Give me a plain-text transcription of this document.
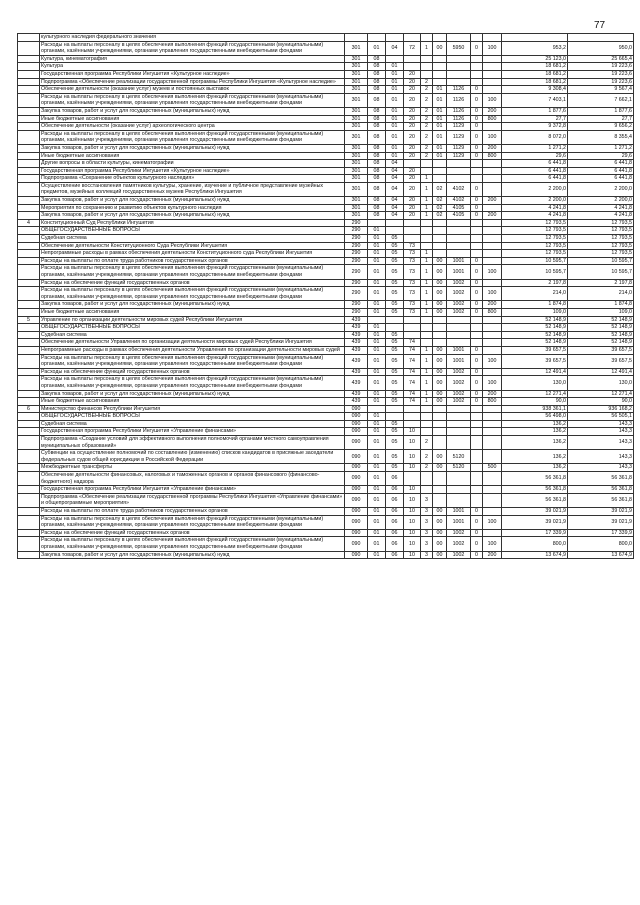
77
	культурного наследия федерального значения											
	Расходы на выплаты персоналу в целях обеспечения выполнения функций государственными (муниципальными) органами, казёнными учреждениями, органами управления государственными внебюджетными фондами	301	01	04	72	1	00	5950	0	100	953,2	950,0
	Культура, кинематография	301	08								25 123,0	25 665,4
	Культура	301	08	01							18 681,2	19 223,6
	Государственная программа Республики Ингушетия «Культурное наследие»	301	08	01	20						18 681,2	19 223,6
	Подпрограмма «Обеспечение реализации государственной программы Республики Ингушетия «Культурное наследие»	301	08	01	20	2					18 681,2	19 223,6
	Обеспечение деятельности (оказание услуг) музеев и постоянных выставок	301	08	01	20	2	01	1126	0		9 308,4	9 567,4
	Расходы на выплаты персоналу в целях обеспечения выполнения функций государственными (муниципальными) органами, казёнными учреждениями, органами управления государственными внебюджетными фондами	301	08	01	20	2	01	1126	0	100	7 403,1	7 662,1
	Закупка товаров, работ и услуг для государственных (муниципальных) нужд	301	08	01	20	2	01	1126	0	200	1 877,6	1 877,6
	Иные бюджетные ассигнования	301	08	01	20	2	01	1126	0	800	27,7	27,7
	Обеспечение деятельности (оказание услуг) археологического центра	301	08	01	20	2	01	1129	0		9 372,8	9 656,2
	Расходы на выплаты персоналу в целях обеспечения выполнения функций государственными (муниципальными) органами, казёнными учреждениями, органами управления государственными внебюджетными фондами	301	08	01	20	2	01	1129	0	100	8 072,0	8 355,4
	Закупка товаров, работ и услуг для государственных (муниципальных) нужд	301	08	01	20	2	01	1129	0	200	1 271,2	1 271,2
	Иные бюджетные ассигнования	301	08	01	20	2	01	1129	0	800	29,6	29,6
	Другие вопросы в области культуры, кинематографии	301	08	04							6 441,8	6 441,8
	Государственная программа Республики Ингушетия «Культурное наследие»	301	08	04	20						6 441,8	6 441,8
	Подпрограмма «Сохранение объектов культурного наследия»	301	08	04	20	1					6 441,8	6 441,8
	Осуществление восстановления памятников культуры, хранение, изучение и публичное представление музейных предметов, музейных коллекций государственных музеев Республики Ингушетия	301	08	04	20	1	02	4102	0		2 200,0	2 200,0
	Закупка товаров, работ и услуг для государственных (муниципальных) нужд	301	08	04	20	1	02	4102	0	200	2 200,0	2 200,0
	Мероприятия по сохранению и развитию объектов культурного наследия	301	08	04	20	1	02	4105	0		4 241,8	4 241,8
	Закупка товаров, работ и услуг для государственных (муниципальных) нужд	301	08	04	20	1	02	4105	0	200	4 241,8	4 241,8
4	Конституционный Суд Республики Ингушетия	290									12 793,5	12 793,5
	ОБЩЕГОСУДАРСТВЕННЫЕ ВОПРОСЫ	290	01								12 793,5	12 793,5
	Судебная система	290	01	05							12 793,5	12 793,5
	Обеспечение деятельности Конституционного Суда Республики Ингушетия	290	01	05	73						12 793,5	12 793,5
	Непрограммные расходы в рамках обеспечения деятельности Конституционного суда Республики Ингушетия	290	01	05	73	1					12 793,5	12 793,5
	Расходы на выплаты по оплате труда работников государственных органов	290	01	05	73	1	00	1001	0		10 595,7	10 595,7
	Расходы на выплаты персоналу в целях обеспечения выполнения функций государственными (муниципальными) органами, казёнными учреждениями, органами управления государственными внебюджетными фондами	290	01	05	73	1	00	1001	0	100	10 595,7	10 595,7
	Расходы на обеспечение функций государственных органов	290	01	05	73	1	00	1002	0		2 197,8	2 197,8
	Расходы на выплаты персоналу в целях обеспечения выполнения функций государственными (муниципальными) органами, казёнными учреждениями, органами управления государственными внебюджетными фондами	290	01	05	73	1	00	1002	0	100	214,0	214,0
	Закупка товаров, работ и услуг для государственных (муниципальных) нужд	290	01	05	73	1	00	1002	0	200	1 874,8	1 874,8
	Иные бюджетные ассигнования	290	01	05	73	1	00	1002	0	800	109,0	109,0
5	Управление по организации деятельности мировых судей Республики Ингушетия	439									52 148,9	52 148,9
	ОБЩЕГОСУДАРСТВЕННЫЕ ВОПРОСЫ	439	01								52 148,9	52 148,9
	Судебная система	439	01	05							52 148,9	52 148,9
	Обеспечение деятельности Управления по организации деятельности мировых судей Республики Ингушетия	439	01	05	74						52 148,9	52 148,9
	Непрограммные расходы в рамках обеспечения деятельности Управления по организации деятельности мировых судей	439	01	05	74	1	00	1001	0		39 657,5	39 657,5
	Расходы на выплаты персоналу в целях обеспечения выполнения функций государственными (муниципальными) органами, казёнными учреждениями, органами управления государственными внебюджетными фондами	439	01	05	74	1	00	1001	0	100	39 657,5	39 657,5
	Расходы на обеспечение функций государственных органов	439	01	05	74	1	00	1002	0		12 491,4	12 491,4
	Расходы на выплаты персоналу в целях обеспечения выполнения функций государственными (муниципальными) органами, казёнными учреждениями, органами управления государственными внебюджетными фондами	439	01	05	74	1	00	1002	0	100	130,0	130,0
	Закупка товаров, работ и услуг для государственных (муниципальных) нужд	439	01	05	74	1	00	1002	0	200	12 271,4	12 271,4
	Иные бюджетные ассигнования	439	01	05	74	1	00	1002	0	800	90,0	90,0
6	Министерство финансов Республики Ингушетия	090									938 361,1	936 168,2
	ОБЩЕГОСУДАРСТВЕННЫЕ ВОПРОСЫ	090	01								56 498,0	56 505,1
	Судебная система	090	01	05							136,2	143,3
	Государственная программа Республики Ингушетия «Управление финансами»	090	01	05	10						136,2	143,3
	Подпрограмма «Создание условий для эффективного выполнения полномочий органами местного самоуправления муниципальных образований»	090	01	05	10	2					136,2	143,3
	Субвенции на осуществление полномочий по составлению (изменению) списков кандидатов в присяжные заседатели федеральных судов общей юрисдикции в Российской Федерации	090	01	05	10	2	00	5120			136,2	143,3
	Межбюджетные трансферты	090	01	05	10	2	00	5120		500	136,2	143,3
	Обеспечение деятельности финансовых, налоговых и таможенных органов и органов финансового (финансово-бюджетного) надзора	090	01	06							56 361,8	56 361,8
	Государственная программа Республики Ингушетия «Управление финансами»	090	01	06	10						56 361,8	56 361,8
	Подпрограмма «Обеспечение реализации государственной программы Республики Ингушетия «Управление финансами» и общепрограммные мероприятия»	090	01	06	10	3					56 361,8	56 361,8
	Расходы на выплаты по оплате труда работников государственных органов	090	01	06	10	3	00	1001	0		39 021,9	39 021,9
	Расходы на выплаты персоналу в целях обеспечения выполнения функций государственными (муниципальными) органами, казёнными учреждениями, органами управления государственными внебюджетными фондами	090	01	06	10	3	00	1001	0	100	39 021,9	39 021,9
	Расходы на обеспечение функций государственных органов	090	01	06	10	3	00	1002	0		17 339,9	17 339,9
	Расходы на выплаты персоналу в целях обеспечения выполнения функций государственными (муниципальными) органами, казёнными учреждениями, органами управления государственными внебюджетными фондами	090	01	06	10	3	00	1002	0	100	800,0	800,0
	Закупка товаров, работ и услуг для государственных (муниципальных) нужд	090	01	06	10	3	00	1002	0	200	13 674,9	13 674,9
